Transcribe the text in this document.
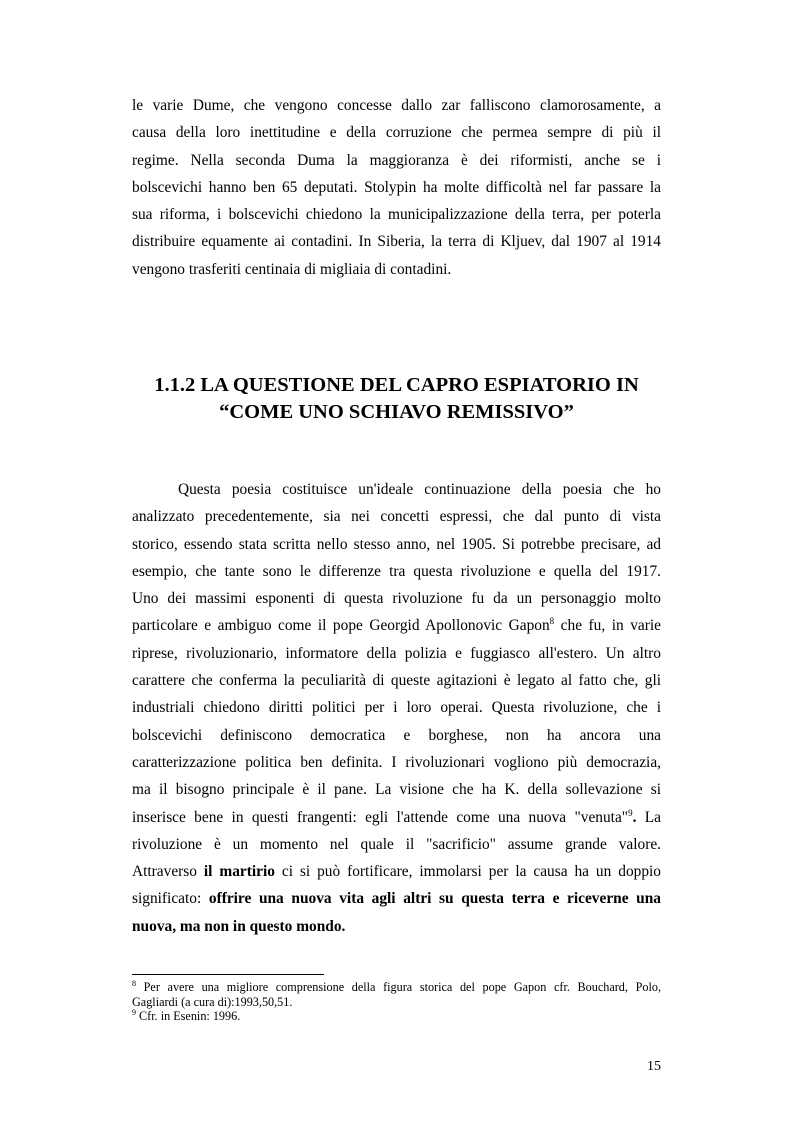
le varie Dume, che vengono concesse dallo zar falliscono clamorosamente, a
causa della loro inettitudine e della corruzione che permea sempre di più il
regime. Nella seconda Duma la maggioranza è dei riformisti, anche se i
bolscevichi hanno ben 65 deputati. Stolypin ha molte difficoltà nel far passare la
sua riforma, i bolscevichi chiedono la municipalizzazione della terra, per poterla
distribuire equamente ai contadini. In Siberia, la terra di Kljuev, dal 1907 al 1914
vengono trasferiti centinaia di migliaia di contadini.
1.1.2 LA QUESTIONE DEL CAPRO ESPIATORIO IN
“COME UNO SCHIAVO REMISSIVO”
Questa poesia costituisce un'ideale continuazione della poesia che ho
analizzato precedentemente, sia nei concetti espressi, che dal punto di vista
storico, essendo stata scritta nello stesso anno, nel 1905. Si potrebbe precisare, ad
esempio, che tante sono le differenze tra questa rivoluzione e quella del 1917.
Uno dei massimi esponenti di questa rivoluzione fu da un personaggio molto
particolare e ambiguo come il pope Georgid Apollonovic Gapon$^8$ che fu, in varie
riprese, rivoluzionario, informatore della polizia e fuggiasco all'estero. Un altro
carattere che conferma la peculiarità di queste agitazioni è legato al fatto che, gli
industriali chiedono diritti politici per i loro operai. Questa rivoluzione, che i
bolscevichi definiscono democratica e borghese, non ha ancora una
caratterizzazione politica ben definita. I rivoluzionari vogliono più democrazia,
ma il bisogno principale è il pane. La visione che ha K. della sollevazione si
inserisce bene in questi frangenti: egli l'attende come una nuova "venuta"$^9$. La
rivoluzione è un momento nel quale il "sacrificio" assume grande valore.
Attraverso il martirio ci si può fortificare, immolarsi per la causa ha un doppio
significato: offrire una nuova vita agli altri su questa terra e riceverne una
nuova, ma non in questo mondo.
$^8$ Per avere una migliore comprensione della figura storica del pope Gapon cfr. Bouchard, Polo,
Gagliardi (a cura di):1993,50,51.
$^9$ Cfr. in Esenin: 1996.
15
